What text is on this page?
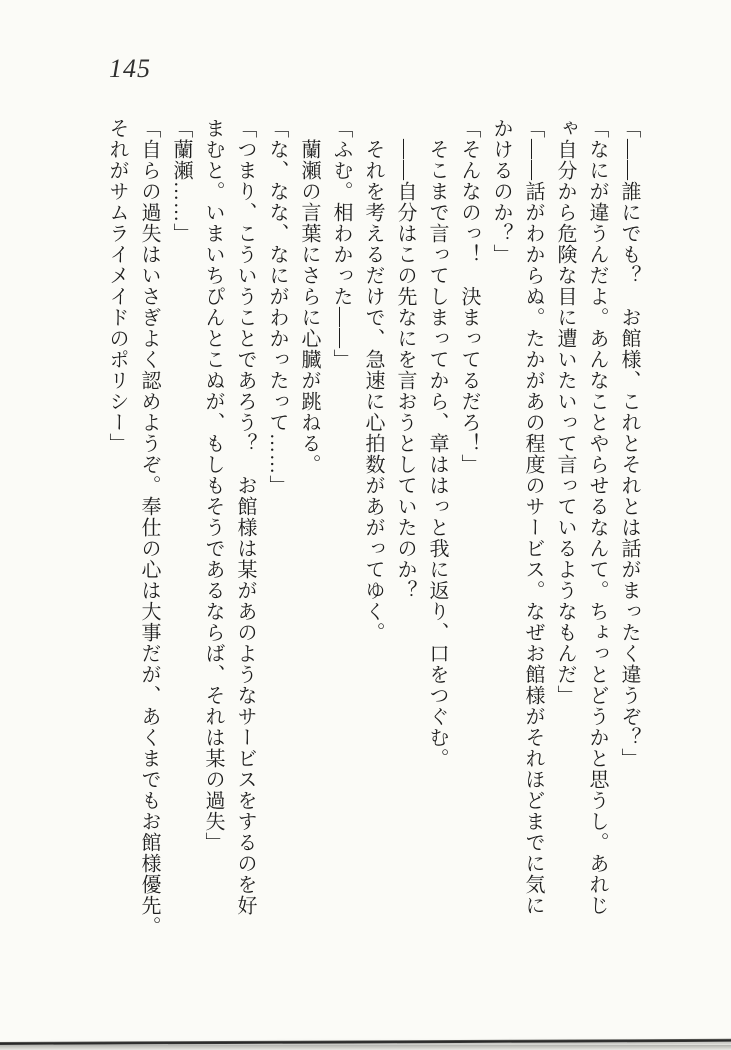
145

「——誰にでも？　お館様、これとそれとは話がまったく違うぞ？」

「なにが違うんだよ。あんなことやらせるなんて。ちょっとどうかと思うし。あれじ

ゃ自分から危険な目に遭いたいって言っているようなもんだ」

「——話がわからぬ。たかがあの程度のサービス。なぜお館様がそれほどまでに気に

かけるのか？」

「そんなのっ！　決まってるだろ！」

　そこまで言ってしまってから、章ははっと我に返り、口をつぐむ。

　——自分はこの先なにを言おうとしていたのか？

　それを考えるだけで、急速に心拍数があがってゆく。

「ふむ。相わかった——」

　蘭瀬の言葉にさらに心臓が跳ねる。

「な、なな、なにがわかったって……」

「つまり、こういうことであろう？　お館様は某があのようなサービスをするのを好

まむと。いまいちぴんとこぬが、もしもそうであるならば、それは某の過失」

「蘭瀬……」

「自らの過失はいさぎよく認めようぞ。奉仕の心は大事だが、あくまでもお館様優先。

それがサムライメイドのポリシー」
